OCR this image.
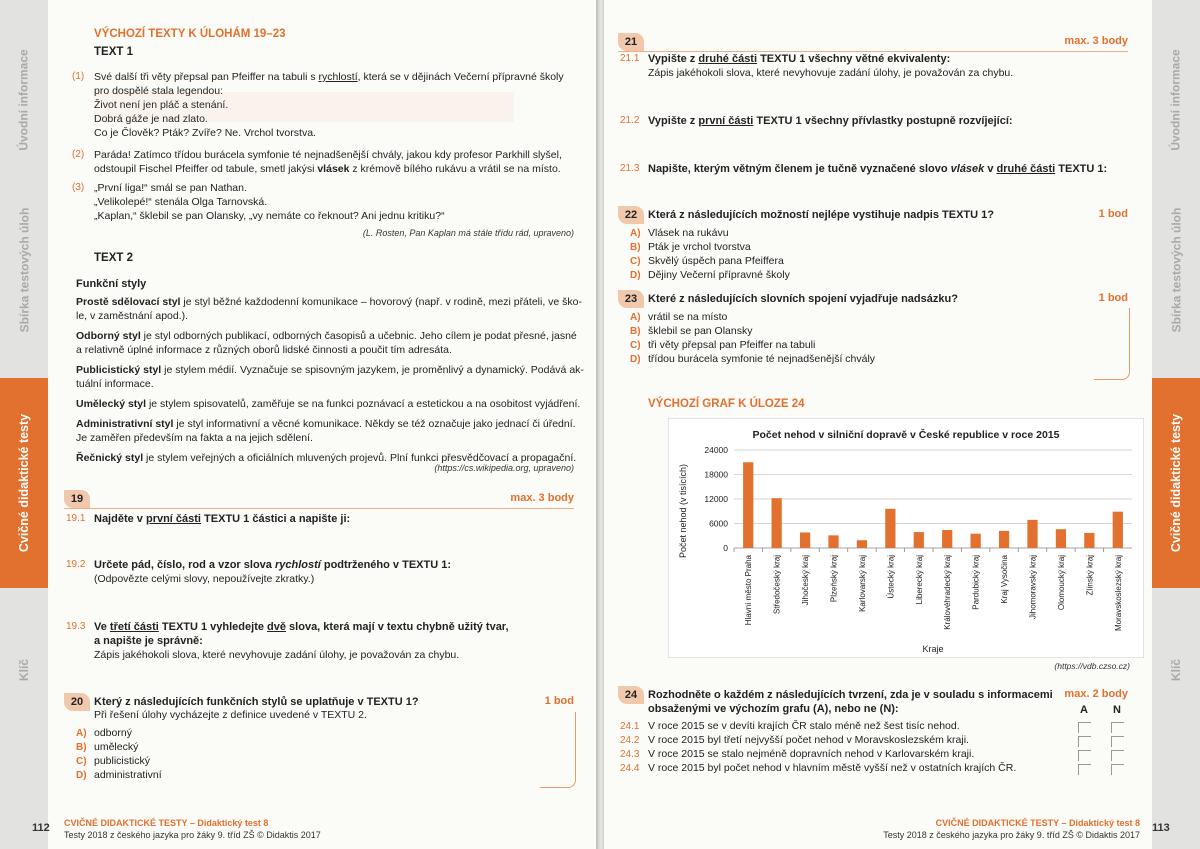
Úvodní informace
Sbírka testových úloh
Cvičné didaktické testy
Klíč
VÝCHOZÍ TEXTY K ÚLOHÁM 19–23
TEXT 1
(1) Své další tři věty přepsal pan Pfeiffer na tabuli s rychlostí, která se v dějinách Večerní přípravné školy
pro dospělé stala legendou:
Život není jen pláč a stenání.
Dobrá gáže je nad zlato.
Co je Člověk? Pták? Zvíře? Ne. Vrchol tvorstva.
(2) Paráda! Zatímco třídou burácela symfonie té nejnadšenější chvály, jakou kdy profesor Parkhill slyšel,
odstoupil Fischel Pfeiffer od tabule, smetl jakýsi vlásek z krémově bílého rukávu a vrátil se na místo.
(3) „První liga!“ smál se pan Nathan.
„Velikolepé!“ stenála Olga Tarnovská.
„Kaplan,“ šklebil se pan Olansky, „vy nemáte co řeknout? Ani jednu kritiku?“
(L. Rosten, Pan Kaplan má stále třídu rád, upraveno)
TEXT 2
Funkční styly
Prostě sdělovací styl je styl běžné každodenní komunikace – hovorový (např. v rodině, mezi přáteli, ve ško-
le, v zaměstnání apod.).
Odborný styl je styl odborných publikací, odborných časopisů a učebnic. Jeho cílem je podat přesné, jasné
a relativně úplné informace z různých oborů lidské činnosti a poučit tím adresáta.
Publicistický styl je stylem médií. Vyznačuje se spisovným jazykem, je proměnlivý a dynamický. Podává ak-
tuální informace.
Umělecký styl je stylem spisovatelů, zaměřuje se na funkci poznávací a estetickou a na osobitost vyjádření.
Administrativní styl je styl informativní a věcné komunikace. Někdy se též označuje jako jednací či úřední.
Je zaměřen především na fakta a na jejich sdělení.
Řečnický styl je stylem veřejných a oficiálních mluvených projevů. Plní funkci přesvědčovací a propagační.
(https://cs.wikipedia.org, upraveno)
19	max. 3 body
19.1 Najděte v první části TEXTU 1 částici a napište ji:
19.2 Určete pád, číslo, rod a vzor slova rychlostí podtrženého v TEXTU 1:
(Odpovězte celými slovy, nepoužívejte zkratky.)
19.3 Ve třetí části TEXTU 1 vyhledejte dvě slova, která mají v textu chybně užitý tvar,
a napište je správně:
Zápis jakéhokoli slova, které nevyhovuje zadání úlohy, je považován za chybu.
20	1 bod
Který z následujících funkčních stylů se uplatňuje v TEXTU 1?
Při řešení úlohy vycházejte z definice uvedené v TEXTU 2.
A) odborný
B) umělecký
C) publicistický
D) administrativní
112 CVIČNÉ DIDAKTICKÉ TESTY – Didaktický test 8
Testy 2018 z českého jazyka pro žáky 9. tříd ZŠ © Didaktis 2017
Úvodní informace
Sbírka testových úloh
Cvičné didaktické testy
Klíč
21	max. 3 body
21.1 Vypište z druhé části TEXTU 1 všechny větné ekvivalenty:
Zápis jakéhokoli slova, které nevyhovuje zadání úlohy, je považován za chybu.
21.2 Vypište z první části TEXTU 1 všechny přívlastky postupně rozvíjející:
21.3 Napište, kterým větným členem je tučně vyznačené slovo vlásek v druhé části TEXTU 1:
22	1 bod
Která z následujících možností nejlépe vystihuje nadpis TEXTU 1?
A) Vlásek na rukávu
B) Pták je vrchol tvorstva
C) Skvělý úspěch pana Pfeiffera
D) Dějiny Večerní přípravné školy
23	1 bod
Které z následujících slovních spojení vyjadřuje nadsázku?
A) vrátil se na místo
B) šklebil se pan Olansky
C) tři věty přepsal pan Pfeiffer na tabuli
D) třídou burácela symfonie té nejnadšenější chvály
VÝCHOZÍ GRAF K ÚLOZE 24
Počet nehod v silniční dopravě v České republice v roce 2015
Počet nehod (v tisících)
Kraje
0
6000
12000
18000
24000
Hlavní město Praha Středočeský kraj Jihočeský kraj Plzeňský kraj Karlovarský kraj Ústecký kraj Liberecký kraj Královéhradecký kraj Pardubický kraj Kraj Vysočina Jihomoravský kraj Olomoucký kraj Zlínský kraj Moravskoslezský kraj
(https://vdb.czso.cz)
24	max. 2 body
Rozhodněte o každém z následujících tvrzení, zda je v souladu s informacemi
obsaženými ve výchozím grafu (A), nebo ne (N):	A N
24.1 V roce 2015 se v devíti krajích ČR stalo méně než šest tisíc nehod.
24.2 V roce 2015 byl třetí nejvyšší počet nehod v Moravskoslezském kraji.
24.3 V roce 2015 se stalo nejméně dopravních nehod v Karlovarském kraji.
24.4 V roce 2015 byl počet nehod v hlavním městě vyšší než v ostatních krajích ČR.
CVIČNÉ DIDAKTICKÉ TESTY – Didaktický test 8
Testy 2018 z českého jazyka pro žáky 9. tříd ZŠ © Didaktis 2017
113
